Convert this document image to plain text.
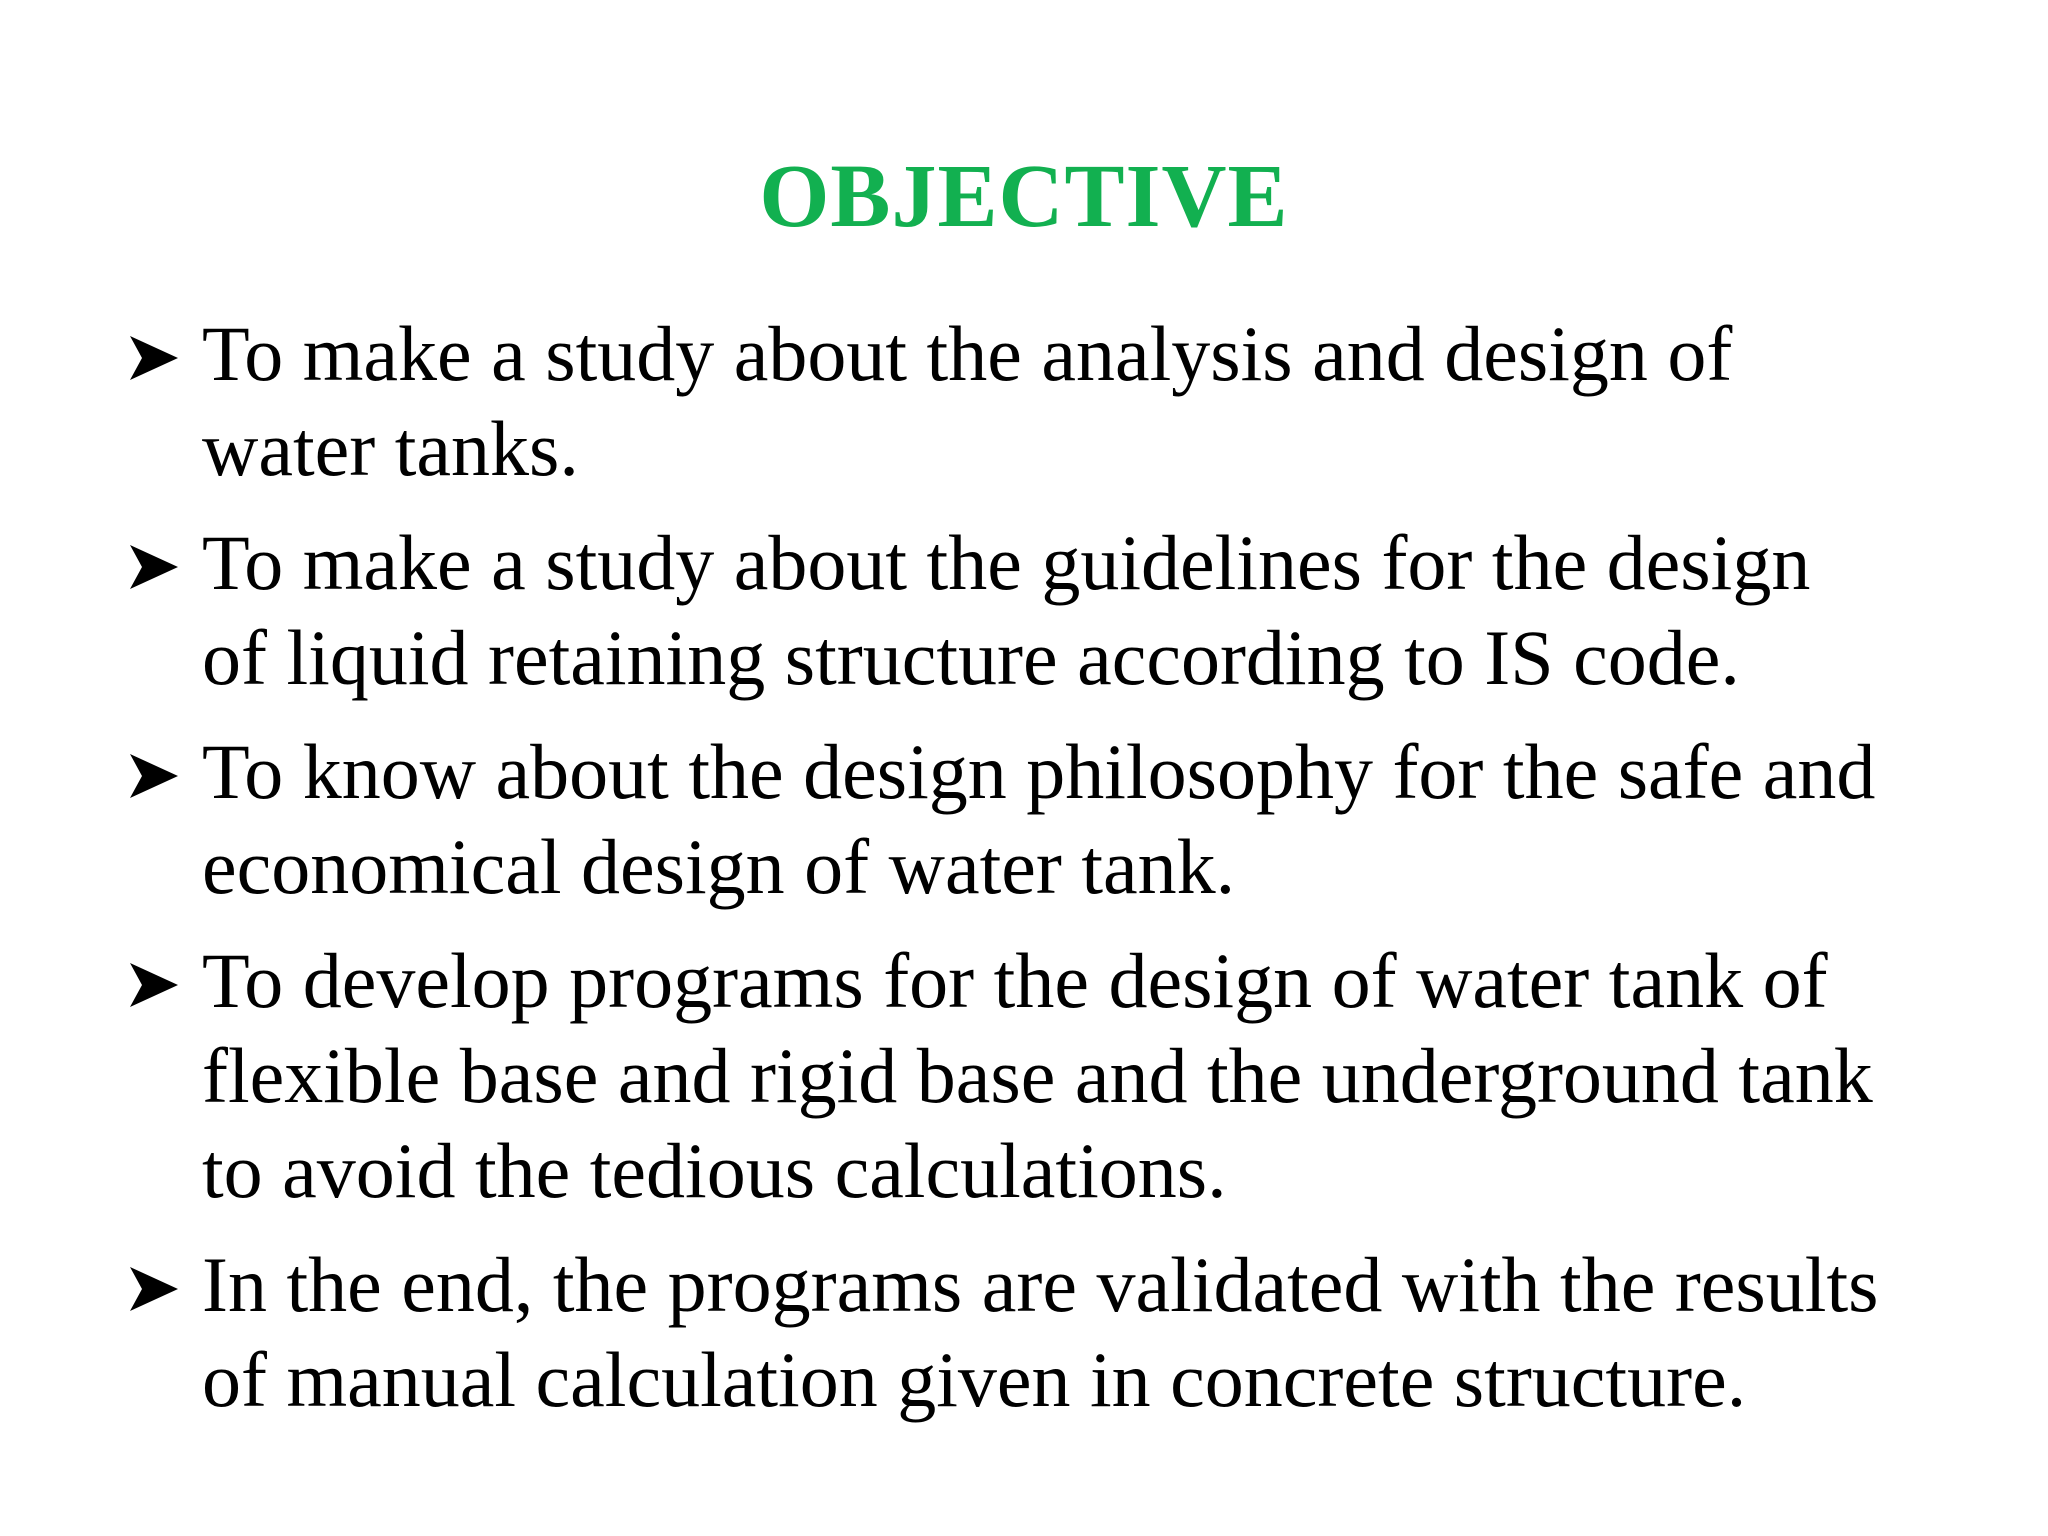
OBJECTIVE
To make a study about the analysis and design of
water tanks.
To make a study about the guidelines for the design
of liquid retaining structure according to IS code.
To know about the design philosophy for the safe and
economical design of water tank.
To develop programs for the design of water tank of
flexible base and rigid base and the underground tank
to avoid the tedious calculations.
In the end, the programs are validated with the results
of manual calculation given in concrete structure.
